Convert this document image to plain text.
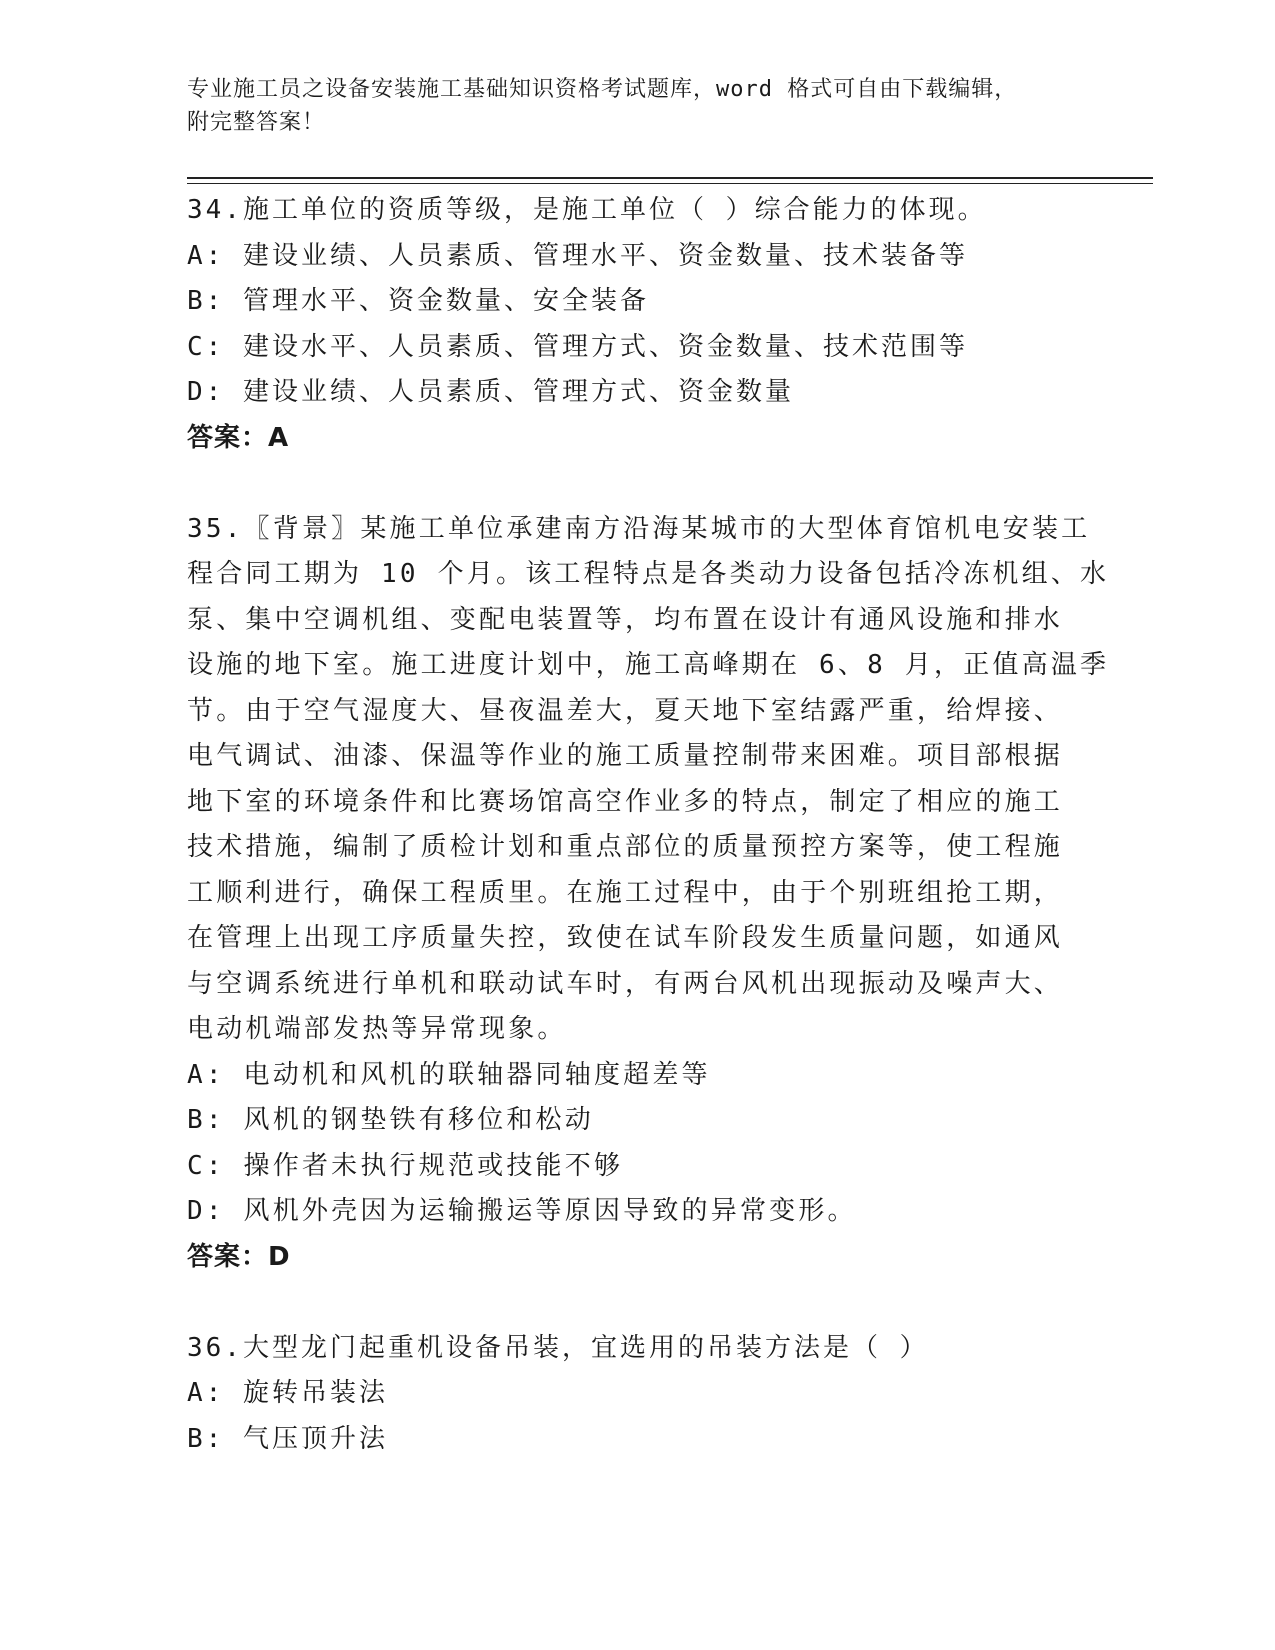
专业施工员之设备安装施工基础知识资格考试题库，word 格式可自由下载编辑，

附完整答案！

34.施工单位的资质等级，是施工单位（ ）综合能力的体现。

A: 建设业绩、人员素质、管理水平、资金数量、技术装备等

B: 管理水平、资金数量、安全装备

C: 建设水平、人员素质、管理方式、资金数量、技术范围等

D: 建设业绩、人员素质、管理方式、资金数量

答案：A

35.〖背景〗某施工单位承建南方沿海某城市的大型体育馆机电安装工

程合同工期为 10 个月。该工程特点是各类动力设备包括冷冻机组、水

泵、集中空调机组、变配电装置等，均布置在设计有通风设施和排水

设施的地下室。施工进度计划中，施工高峰期在 6、8 月，正值高温季

节。由于空气湿度大、昼夜温差大，夏天地下室结露严重，给焊接、

电气调试、油漆、保温等作业的施工质量控制带来困难。项目部根据

地下室的环境条件和比赛场馆高空作业多的特点，制定了相应的施工

技术措施，编制了质检计划和重点部位的质量预控方案等，使工程施

工顺利进行，确保工程质里。在施工过程中，由于个别班组抢工期，

在管理上出现工序质量失控，致使在试车阶段发生质量问题，如通风

与空调系统进行单机和联动试车时，有两台风机出现振动及噪声大、

电动机端部发热等异常现象。

A: 电动机和风机的联轴器同轴度超差等

B: 风机的钢垫铁有移位和松动

C: 操作者未执行规范或技能不够

D: 风机外壳因为运输搬运等原因导致的异常变形。

答案：D

36.大型龙门起重机设备吊装，宜选用的吊装方法是（ ）

A: 旋转吊装法

B: 气压顶升法
